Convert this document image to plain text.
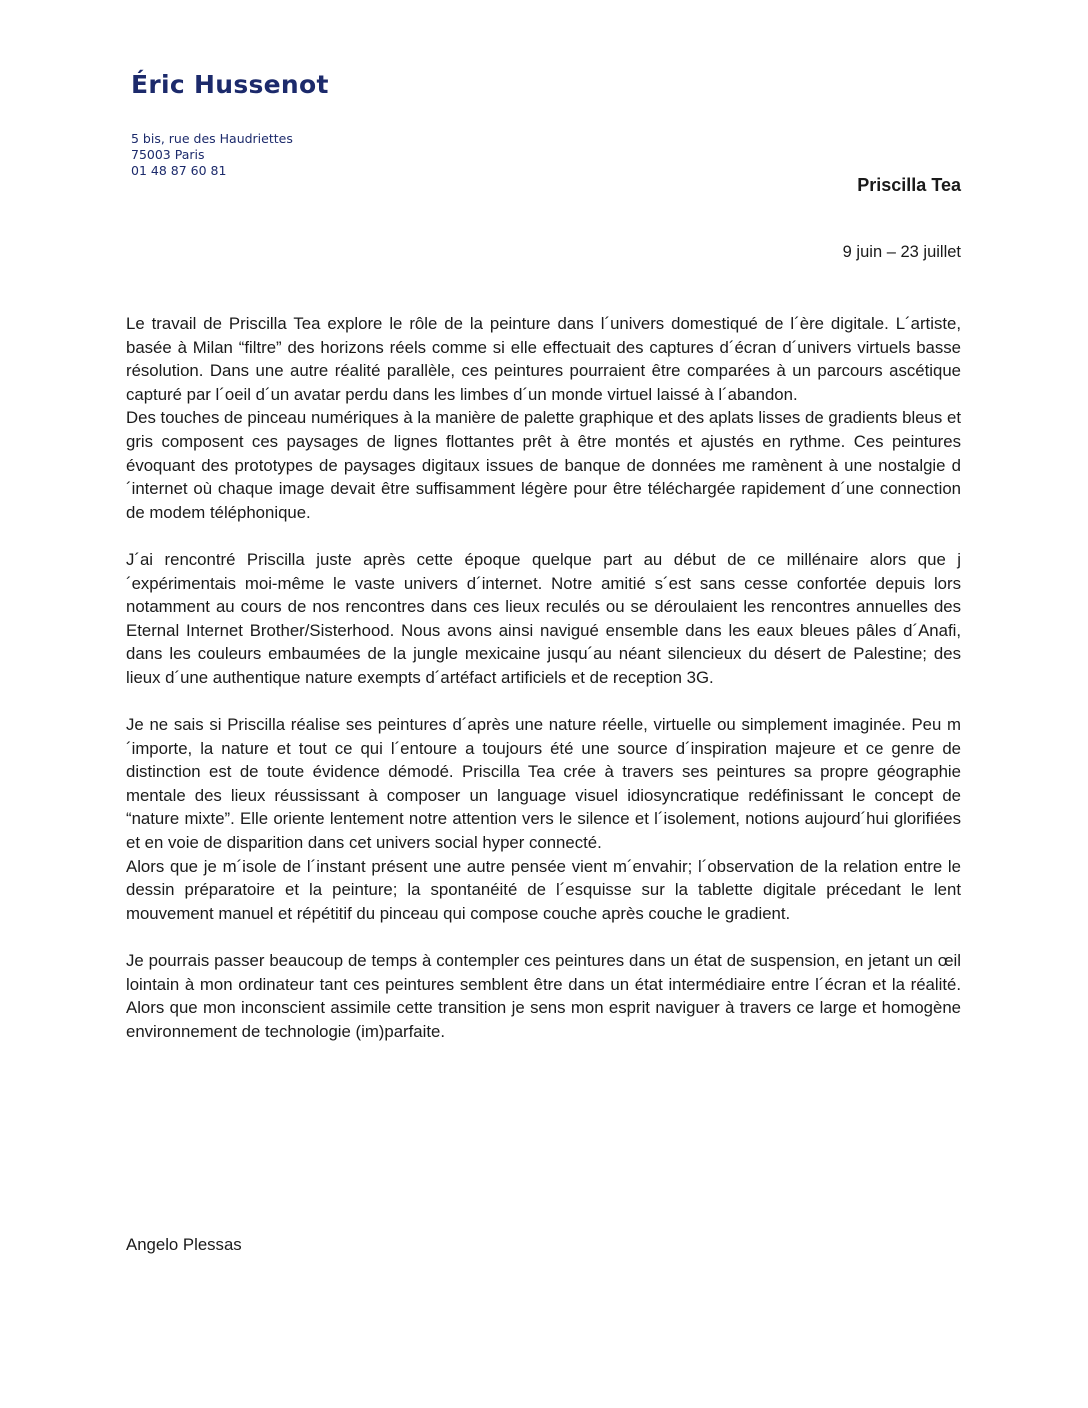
Éric Hussenot
5 bis, rue des Haudriettes
75003 Paris
01 48 87 60 81
Priscilla Tea
9 juin – 23 juillet

Le travail de Priscilla Tea explore le rôle de la peinture dans l´univers domestiqué de l´ère digitale. L´artiste, basée à Milan “filtre” des horizons réels comme si elle effectuait des captures d´écran d´univers virtuels basse résolution. Dans une autre réalité parallèle, ces peintures pourraient être comparées à un parcours ascétique capturé par l´oeil d´un avatar perdu dans les limbes d´un monde virtuel laissé à l´abandon.

Des touches de pinceau numériques à la manière de palette graphique et des aplats lisses de gradients bleus et gris composent ces paysages de lignes flottantes prêt à être montés et ajustés en rythme. Ces peintures évoquant des prototypes de paysages digitaux issues de banque de données me ramènent à une nostalgie d´internet où chaque image devait être suffisamment légère pour être téléchargée rapidement d´une connection de modem téléphonique.

J´ai rencontré Priscilla juste après cette époque quelque part au début de ce millénaire alors que j´expérimentais moi-même le vaste univers d´internet. Notre amitié s´est sans cesse confortée depuis lors notamment au cours de nos rencontres dans ces lieux reculés ou se déroulaient les rencontres annuelles des Eternal Internet Brother/Sisterhood. Nous avons ainsi navigué ensemble dans les eaux bleues pâles d´Anafi, dans les couleurs embaumées de la jungle mexicaine jusqu´au néant silencieux du désert de Palestine; des lieux d´une authentique nature exempts d´artéfact artificiels et de reception 3G.

Je ne sais si Priscilla réalise ses peintures d´après une nature réelle, virtuelle ou simplement imaginée. Peu m´importe, la nature et tout ce qui l´entoure a toujours été une source d´inspiration majeure et ce genre de distinction est de toute évidence démodé. Priscilla Tea crée à travers ses peintures sa propre géographie mentale des lieux réussissant à composer un language visuel idiosyncratique redéfinissant le concept de “nature mixte”. Elle oriente lentement notre attention vers le silence et l´isolement, notions aujourd´hui glorifiées et en voie de disparition dans cet univers social hyper connecté.

Alors que je m´isole de l´instant présent une autre pensée vient m´envahir; l´observation de la relation entre le dessin préparatoire et la peinture; la spontanéité de l´esquisse sur la tablette digitale précedant le lent mouvement manuel et répétitif du pinceau qui compose couche après couche le gradient.

Je pourrais passer beaucoup de temps à contempler ces peintures dans un état de suspension, en jetant un œil lointain à mon ordinateur tant ces peintures semblent être dans un état intermédiaire entre l´écran et la réalité. Alors que mon inconscient assimile cette transition je sens mon esprit naviguer à travers ce large et homogène environnement de technologie (im)parfaite.

Angelo Plessas
